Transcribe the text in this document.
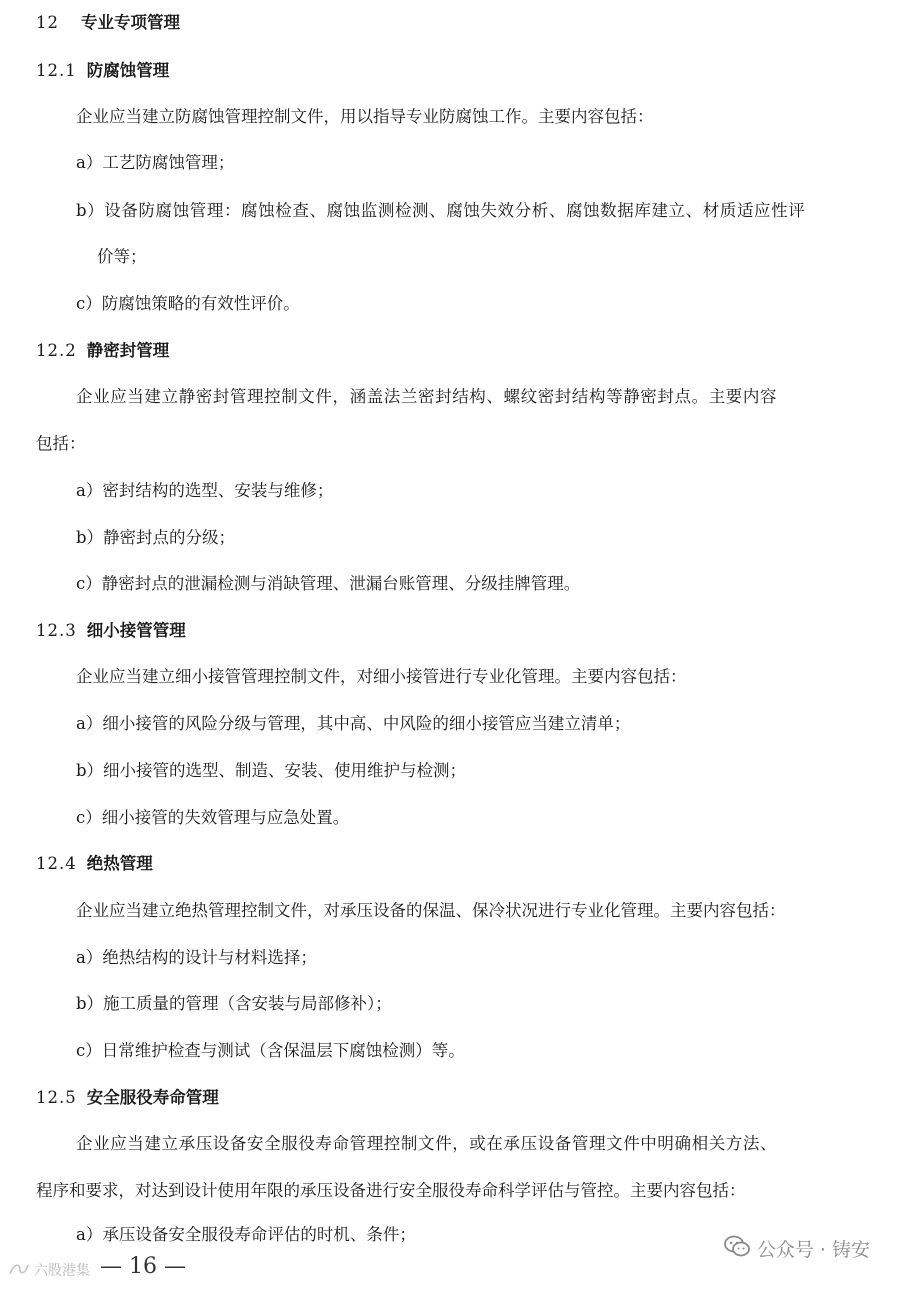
12 专业专项管理
12.1 防腐蚀管理
企业应当建立防腐蚀管理控制文件，用以指导专业防腐蚀工作。主要内容包括：
a）工艺防腐蚀管理；
b）设备防腐蚀管理：腐蚀检查、腐蚀监测检测、腐蚀失效分析、腐蚀数据库建立、材质适应性评
价等；
c）防腐蚀策略的有效性评价。
12.2 静密封管理
企业应当建立静密封管理控制文件，涵盖法兰密封结构、螺纹密封结构等静密封点。主要内容
包括：
a）密封结构的选型、安装与维修；
b）静密封点的分级；
c）静密封点的泄漏检测与消缺管理、泄漏台账管理、分级挂牌管理。
12.3 细小接管管理
企业应当建立细小接管管理控制文件，对细小接管进行专业化管理。主要内容包括：
a）细小接管的风险分级与管理，其中高、中风险的细小接管应当建立清单；
b）细小接管的选型、制造、安装、使用维护与检测；
c）细小接管的失效管理与应急处置。
12.4 绝热管理
企业应当建立绝热管理控制文件，对承压设备的保温、保冷状况进行专业化管理。主要内容包括：
a）绝热结构的设计与材料选择；
b）施工质量的管理（含安装与局部修补）；
c）日常维护检查与测试（含保温层下腐蚀检测）等。
12.5 安全服役寿命管理
企业应当建立承压设备安全服役寿命管理控制文件，或在承压设备管理文件中明确相关方法、
程序和要求，对达到设计使用年限的承压设备进行安全服役寿命科学评估与管控。主要内容包括：
a）承压设备安全服役寿命评估的时机、条件；
六股港集 — 16 —
公众号 · 铸安
